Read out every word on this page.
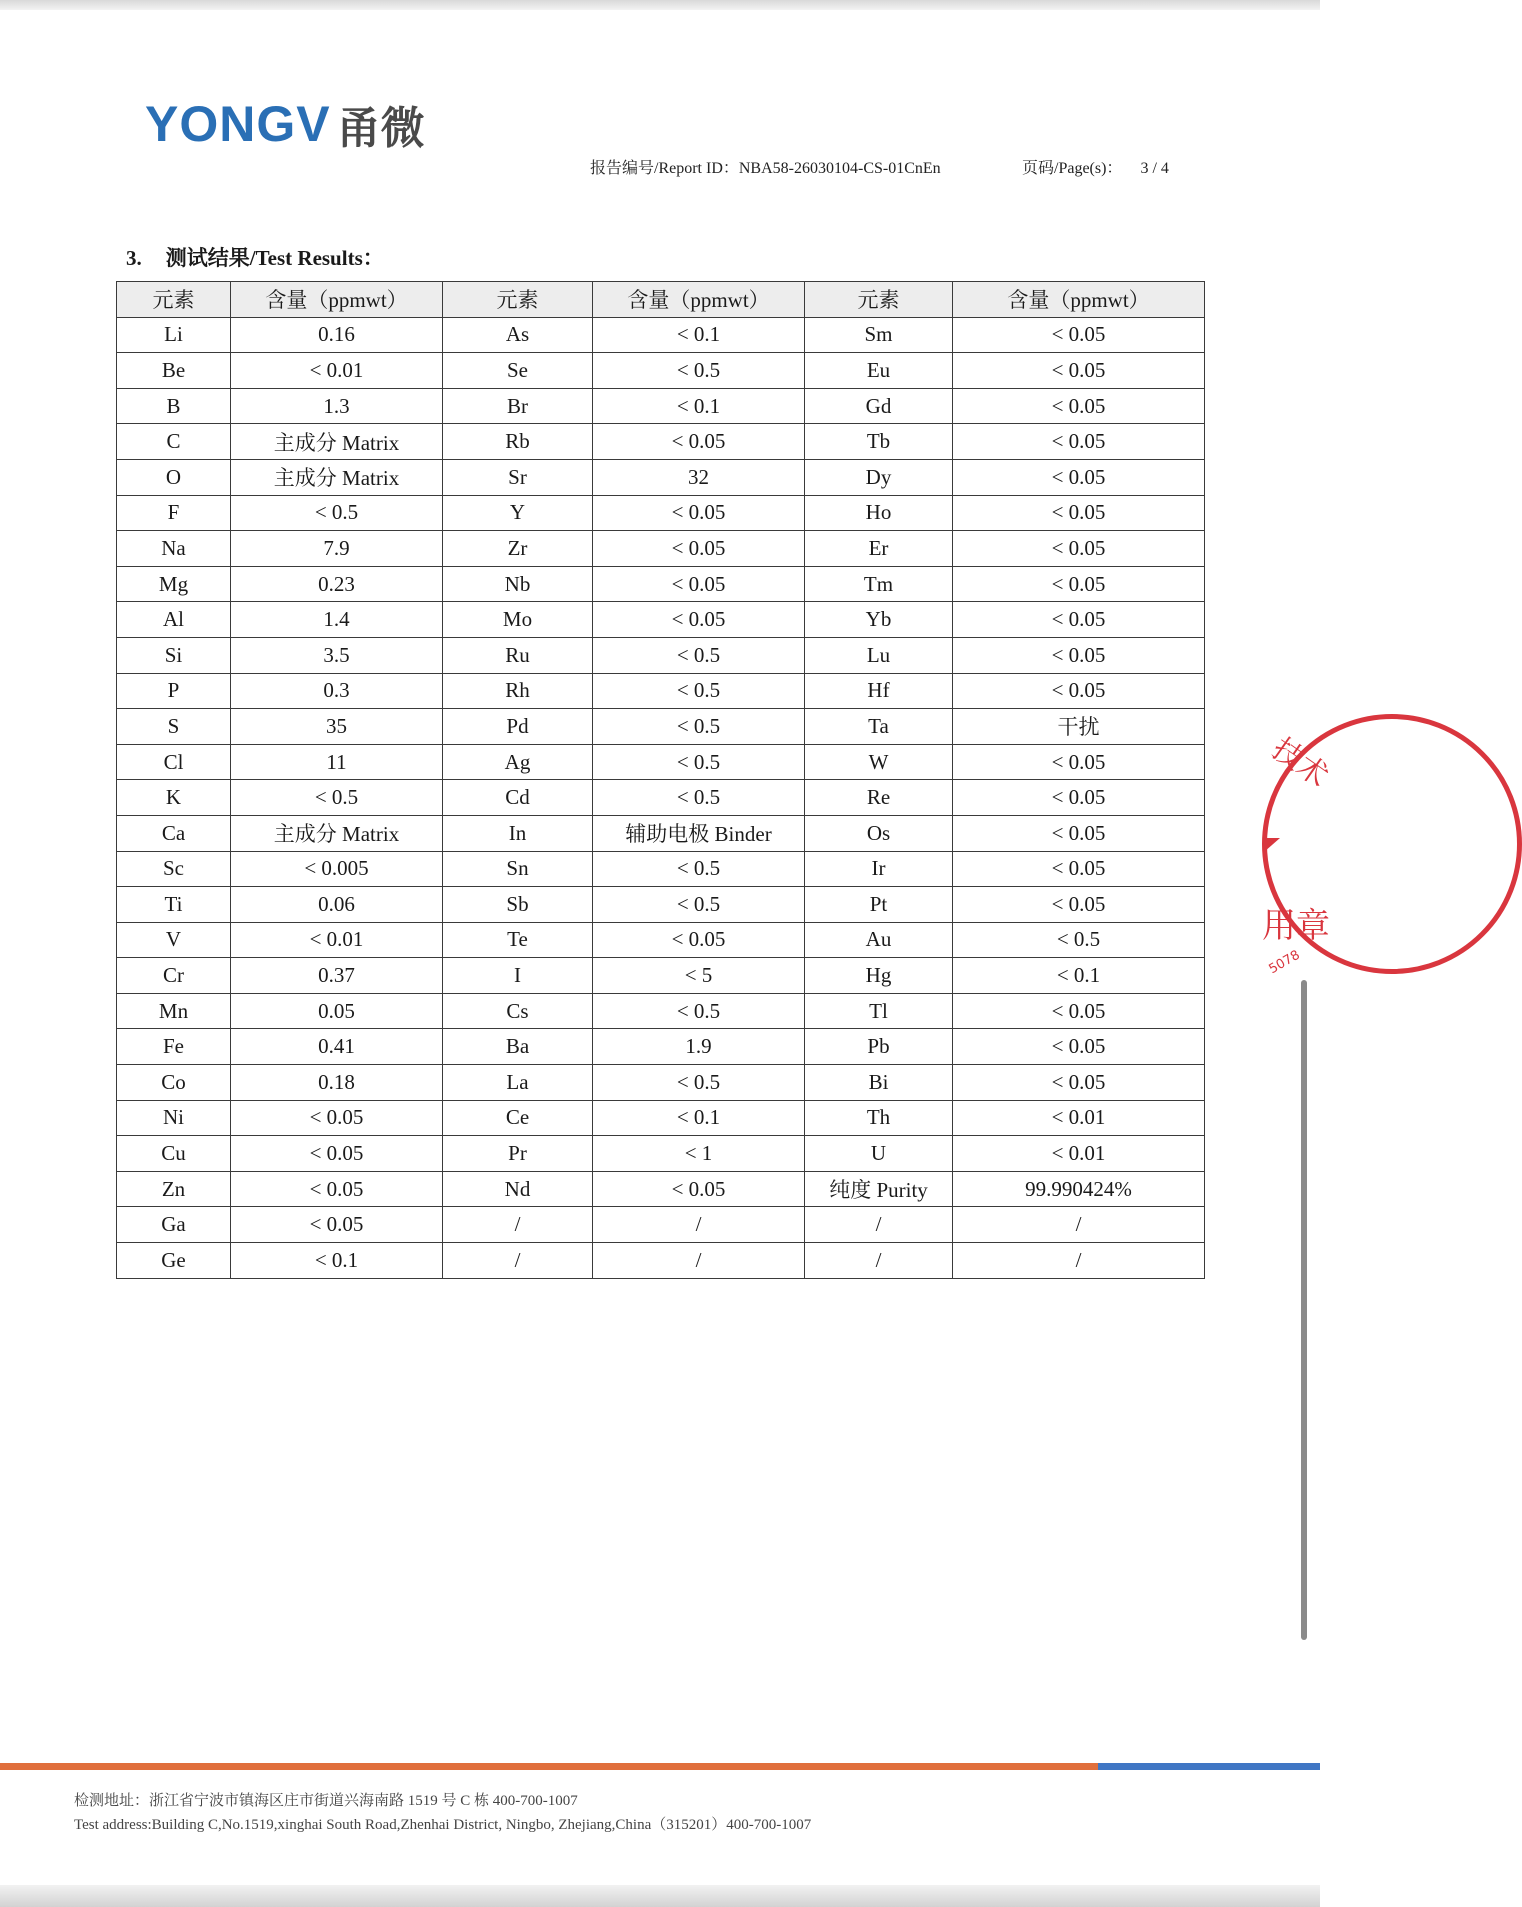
YONGV 甬微
报告编号/Report ID：NBA58-26030104-CS-01CnEn	页码/Page(s)： 3 / 4
3. 测试结果/Test Results：
元素	含量（ppmwt）	元素	含量（ppmwt）	元素	含量（ppmwt）
Li	0.16	As	< 0.1	Sm	< 0.05
Be	< 0.01	Se	< 0.5	Eu	< 0.05
B	1.3	Br	< 0.1	Gd	< 0.05
C	主成分 Matrix	Rb	< 0.05	Tb	< 0.05
O	主成分 Matrix	Sr	32	Dy	< 0.05
F	< 0.5	Y	< 0.05	Ho	< 0.05
Na	7.9	Zr	< 0.05	Er	< 0.05
Mg	0.23	Nb	< 0.05	Tm	< 0.05
Al	1.4	Mo	< 0.05	Yb	< 0.05
Si	3.5	Ru	< 0.5	Lu	< 0.05
P	0.3	Rh	< 0.5	Hf	< 0.05
S	35	Pd	< 0.5	Ta	干扰
Cl	11	Ag	< 0.5	W	< 0.05
K	< 0.5	Cd	< 0.5	Re	< 0.05
Ca	主成分 Matrix	In	辅助电极 Binder	Os	< 0.05
Sc	< 0.005	Sn	< 0.5	Ir	< 0.05
Ti	0.06	Sb	< 0.5	Pt	< 0.05
V	< 0.01	Te	< 0.05	Au	< 0.5
Cr	0.37	I	< 5	Hg	< 0.1
Mn	0.05	Cs	< 0.5	Tl	< 0.05
Fe	0.41	Ba	1.9	Pb	< 0.05
Co	0.18	La	< 0.5	Bi	< 0.05
Ni	< 0.05	Ce	< 0.1	Th	< 0.01
Cu	< 0.05	Pr	< 1	U	< 0.01
Zn	< 0.05	Nd	< 0.05	纯度 Purity	99.990424%
Ga	< 0.05	/	/	/	/
Ge	< 0.1	/	/	/	/
技术
用章
5078
检测地址：浙江省宁波市镇海区庄市街道兴海南路 1519 号 C 栋 400-700-1007
Test address:Building C,No.1519,xinghai South Road,Zhenhai District, Ningbo, Zhejiang,China（315201）400-700-1007
